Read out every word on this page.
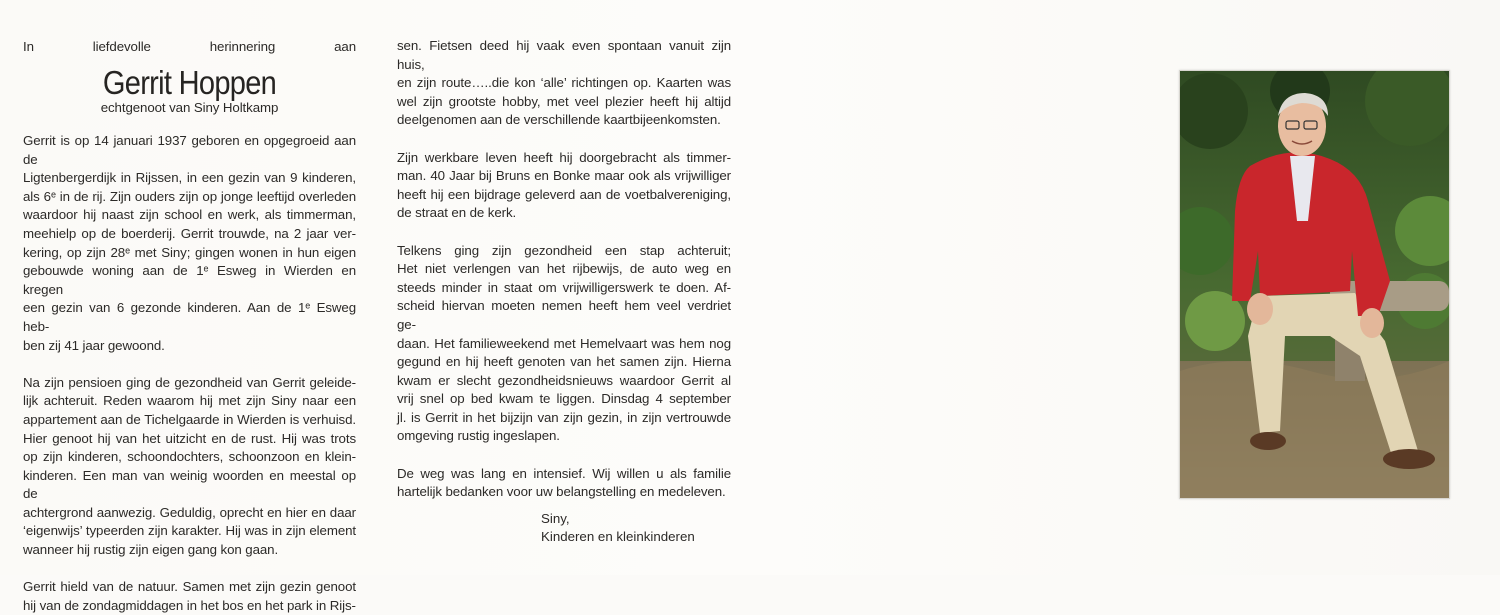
In liefdevolle herinnering aan

Gerrit Hoppen
echtgenoot van Siny Holtkamp

Gerrit is op 14 januari 1937 geboren en opgegroeid aan de

Ligtenbergerdijk in Rijssen, in een gezin van 9 kinderen,

als 6ᵉ in de rij. Zijn ouders zijn op jonge leeftijd overleden

waardoor hij naast zijn school en werk, als timmerman,

meehielp op de boerderij. Gerrit trouwde, na 2 jaar ver-

kering, op zijn 28ᵉ met Siny; gingen wonen in hun eigen

gebouwde woning aan de 1ᵉ Esweg in Wierden en kregen

een gezin van 6 gezonde kinderen. Aan de 1ᵉ Esweg heb-

ben zij 41 jaar gewoond.

Na zijn pensioen ging de gezondheid van Gerrit geleide-

lijk achteruit. Reden waarom hij met zijn Siny naar een

appartement aan de Tichelgaarde in Wierden is verhuisd.

Hier genoot hij van het uitzicht en de rust. Hij was trots

op zijn kinderen, schoondochters, schoonzoon en klein-

kinderen. Een man van weinig woorden en meestal op de

achtergrond aanwezig. Geduldig, oprecht en hier en daar

‘eigenwijs’ typeerden zijn karakter. Hij was in zijn element

wanneer hij rustig zijn eigen gang kon gaan.

Gerrit hield van de natuur. Samen met zijn gezin genoot

hij van de zondagmiddagen in het bos en het park in Rijs-

sen. Fietsen deed hij vaak even spontaan vanuit zijn huis,

en zijn route…..die kon ‘alle’ richtingen op. Kaarten was

wel zijn grootste hobby, met veel plezier heeft hij altijd

deelgenomen aan de verschillende kaartbijeenkomsten.

Zijn werkbare leven heeft hij doorgebracht als timmer-

man. 40 Jaar bij Bruns en Bonke maar ook als vrijwilliger

heeft hij een bijdrage geleverd aan de voetbalvereniging,

de straat en de kerk.

Telkens ging zijn gezondheid een stap achteruit;

Het niet verlengen van het rijbewijs, de auto weg en

steeds minder in staat om vrijwilligerswerk te doen. Af-

scheid hiervan moeten nemen heeft hem veel verdriet ge-

daan. Het familieweekend met Hemelvaart was hem nog

gegund en hij heeft genoten van het samen zijn. Hierna

kwam er slecht gezondheidsnieuws waardoor Gerrit al

vrij snel op bed kwam te liggen. Dinsdag 4 september

jl. is Gerrit in het bijzijn van zijn gezin, in zijn vertrouwde

omgeving rustig ingeslapen.

De weg was lang en intensief. Wij willen u als familie

hartelijk bedanken voor uw belangstelling en medeleven.

Siny,
Kinderen en kleinkinderen
